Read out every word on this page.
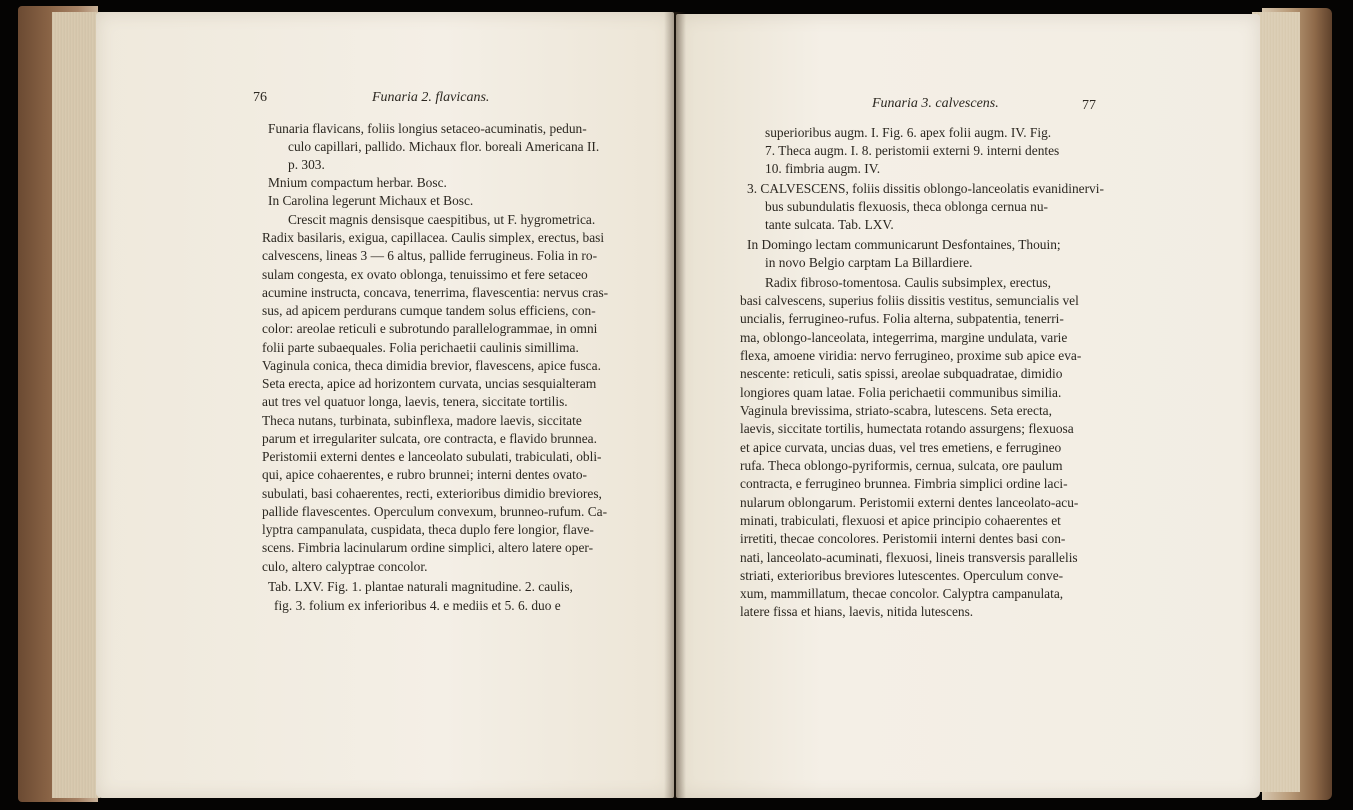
76	Funaria 2. flavicans.
Funaria flavicans, foliis longius setaceo-acuminatis, pedun-
culo capillari, pallido. Michaux flor. boreali Americana II.
p. 303.
Mnium compactum herbar. Bosc.
In Carolina legerunt Michaux et Bosc.
Crescit magnis densisque caespitibus, ut F. hygrometrica.
Radix basilaris, exigua, capillacea. Caulis simplex, erectus, basi
calvescens, lineas 3 — 6 altus, pallide ferrugineus. Folia in ro-
sulam congesta, ex ovato oblonga, tenuissimo et fere setaceo
acumine instructa, concava, tenerrima, flavescentia: nervus cras-
sus, ad apicem perdurans cumque tandem solus efficiens, con-
color: areolae reticuli e subrotundo parallelogrammae, in omni
folii parte subaequales. Folia perichaetii caulinis simillima.
Vaginula conica, theca dimidia brevior, flavescens, apice fusca.
Seta erecta, apice ad horizontem curvata, uncias sesquialteram
aut tres vel quatuor longa, laevis, tenera, siccitate tortilis.
Theca nutans, turbinata, subinflexa, madore laevis, siccitate
parum et irregulariter sulcata, ore contracta, e flavido brunnea.
Peristomii externi dentes e lanceolato subulati, trabiculati, obli-
qui, apice cohaerentes, e rubro brunnei; interni dentes ovato-
subulati, basi cohaerentes, recti, exterioribus dimidio breviores,
pallide flavescentes. Operculum convexum, brunneo-rufum. Ca-
lyptra campanulata, cuspidata, theca duplo fere longior, flave-
scens. Fimbria lacinularum ordine simplici, altero latere oper-
culo, altero calyptrae concolor.
Tab. LXV. Fig. 1. plantae naturali magnitudine. 2. caulis,
fig. 3. folium ex inferioribus 4. e mediis et 5. 6. duo e
Funaria 3. calvescens.	77
superioribus augm. I. Fig. 6. apex folii augm. IV. Fig.
7. Theca augm. I. 8. peristomii externi 9. interni dentes
10. fimbria augm. IV.
3. CALVESCENS, foliis dissitis oblongo-lanceolatis evanidinervi-
bus subundulatis flexuosis, theca oblonga cernua nu-
tante sulcata. Tab. LXV.
In Domingo lectam communicarunt Desfontaines, Thouin;
in novo Belgio carptam La Billardiere.
Radix fibroso-tomentosa. Caulis subsimplex, erectus,
basi calvescens, superius foliis dissitis vestitus, semuncialis vel
uncialis, ferrugineo-rufus. Folia alterna, subpatentia, tenerri-
ma, oblongo-lanceolata, integerrima, margine undulata, varie
flexa, amoene viridia: nervo ferrugineo, proxime sub apice eva-
nescente: reticuli, satis spissi, areolae subquadratae, dimidio
longiores quam latae. Folia perichaetii communibus similia.
Vaginula brevissima, striato-scabra, lutescens. Seta erecta,
laevis, siccitate tortilis, humectata rotando assurgens; flexuosa
et apice curvata, uncias duas, vel tres emetiens, e ferrugineo
rufa. Theca oblongo-pyriformis, cernua, sulcata, ore paulum
contracta, e ferrugineo brunnea. Fimbria simplici ordine laci-
nularum oblongarum. Peristomii externi dentes lanceolato-acu-
minati, trabiculati, flexuosi et apice principio cohaerentes et
irretiti, thecae concolores. Peristomii interni dentes basi con-
nati, lanceolato-acuminati, flexuosi, lineis transversis parallelis
striati, exterioribus breviores lutescentes. Operculum conve-
xum, mammillatum, thecae concolor. Calyptra campanulata,
latere fissa et hians, laevis, nitida lutescens.
